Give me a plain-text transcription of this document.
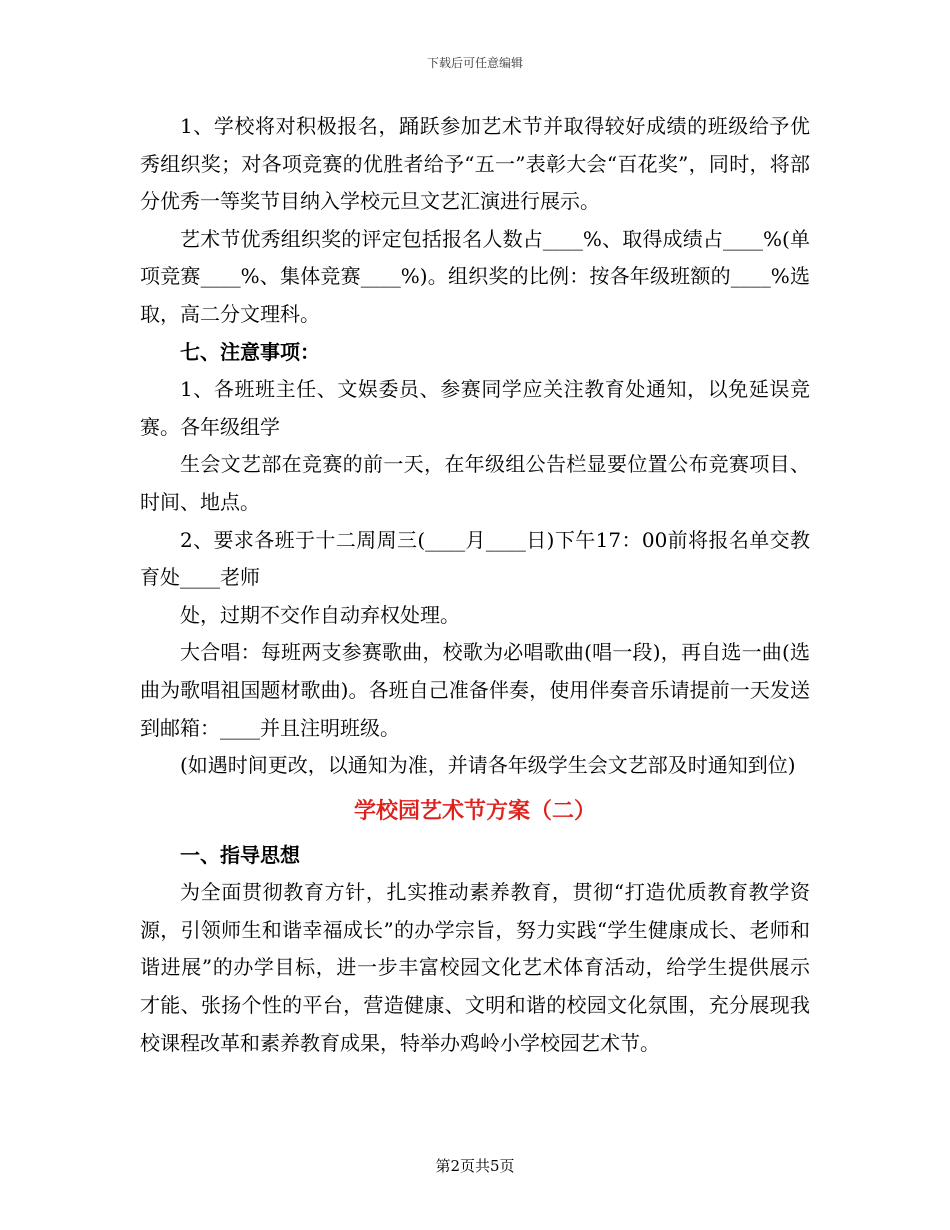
下载后可任意编辑

1、学校将对积极报名，踊跃参加艺术节并取得较好成绩的班级给予优秀组织奖；对各项竞赛的优胜者给予“五一”表彰大会“百花奖”，同时，将部分优秀一等奖节目纳入学校元旦文艺汇演进行展示。

艺术节优秀组织奖的评定包括报名人数占____%、取得成绩占____%(单项竞赛____%、集体竞赛____%)。组织奖的比例：按各年级班额的____%选取，高二分文理科。

七、注意事项：

1、各班班主任、文娱委员、参赛同学应关注教育处通知，以免延误竞赛。各年级组学

生会文艺部在竞赛的前一天，在年级组公告栏显要位置公布竞赛项目、时间、地点。

2、要求各班于十二周周三(____月____日)下午17：00前将报名单交教育处____老师

处，过期不交作自动弃权处理。

大合唱：每班两支参赛歌曲，校歌为必唱歌曲(唱一段)，再自选一曲(选曲为歌唱祖国题材歌曲)。各班自己准备伴奏，使用伴奏音乐请提前一天发送到邮箱：____并且注明班级。

(如遇时间更改，以通知为准，并请各年级学生会文艺部及时通知到位)

学校园艺术节方案（二）

一、指导思想

为全面贯彻教育方针，扎实推动素养教育，贯彻“打造优质教育教学资源，引领师生和谐幸福成长”的办学宗旨，努力实践“学生健康成长、老师和谐进展”的办学目标，进一步丰富校园文化艺术体育活动，给学生提供展示才能、张扬个性的平台，营造健康、文明和谐的校园文化氛围，充分展现我校课程改革和素养教育成果，特举办鸡岭小学校园艺术节。

第2页共5页
